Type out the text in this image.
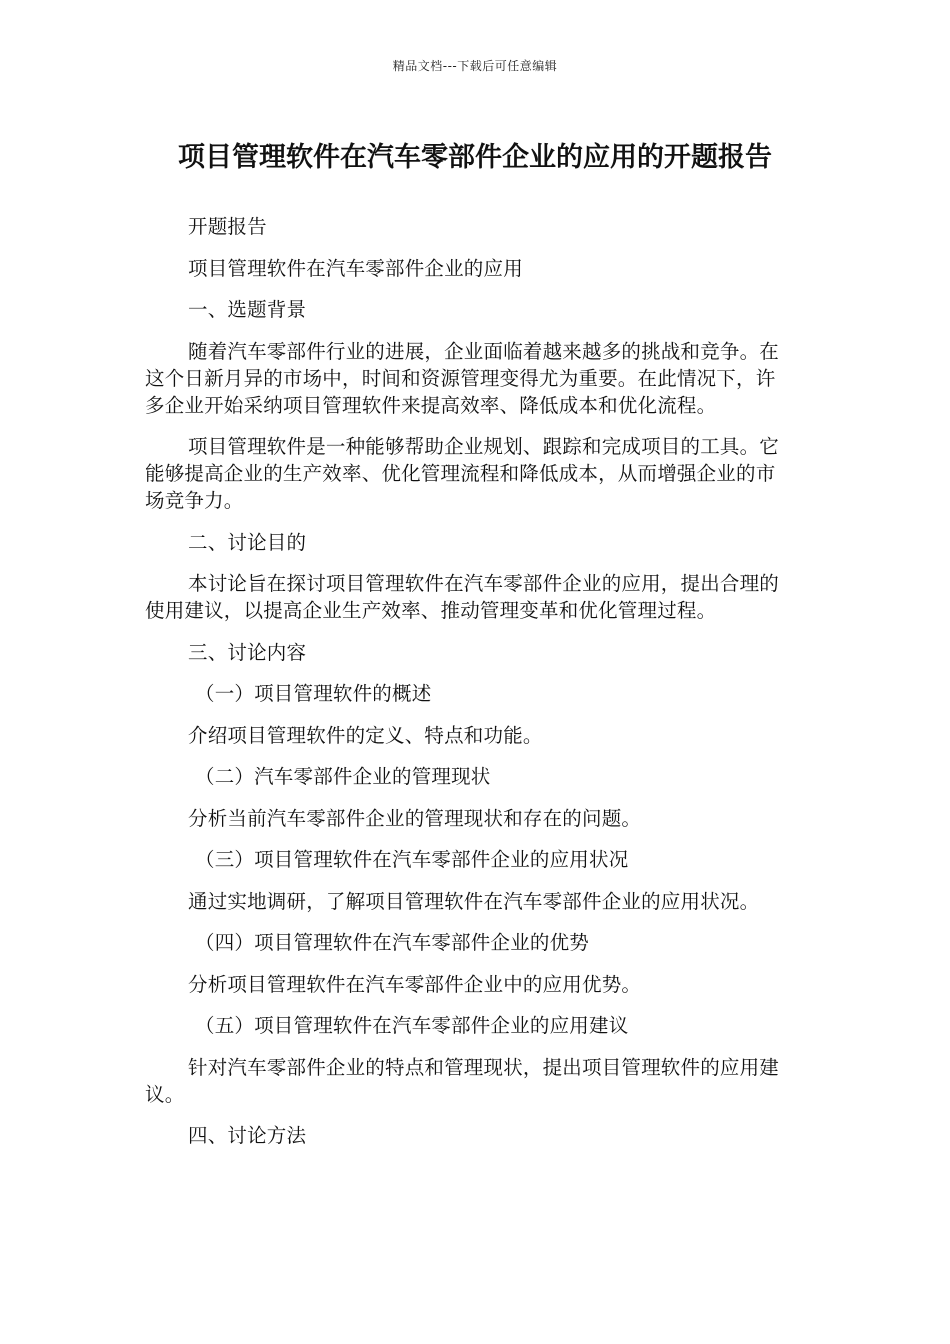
精品文档---下载后可任意编辑
项目管理软件在汽车零部件企业的应用的开题报告

开题报告

项目管理软件在汽车零部件企业的应用

一、选题背景

随着汽车零部件行业的进展，企业面临着越来越多的挑战和竞争。在这个日新月异的市场中，时间和资源管理变得尤为重要。在此情况下，许多企业开始采纳项目管理软件来提高效率、降低成本和优化流程。

项目管理软件是一种能够帮助企业规划、跟踪和完成项目的工具。它能够提高企业的生产效率、优化管理流程和降低成本，从而增强企业的市场竞争力。

二、讨论目的

本讨论旨在探讨项目管理软件在汽车零部件企业的应用，提出合理的使用建议，以提高企业生产效率、推动管理变革和优化管理过程。

三、讨论内容

（一）项目管理软件的概述

介绍项目管理软件的定义、特点和功能。

（二）汽车零部件企业的管理现状

分析当前汽车零部件企业的管理现状和存在的问题。

（三）项目管理软件在汽车零部件企业的应用状况

通过实地调研，了解项目管理软件在汽车零部件企业的应用状况。

（四）项目管理软件在汽车零部件企业的优势

分析项目管理软件在汽车零部件企业中的应用优势。

（五）项目管理软件在汽车零部件企业的应用建议

针对汽车零部件企业的特点和管理现状，提出项目管理软件的应用建议。

四、讨论方法
